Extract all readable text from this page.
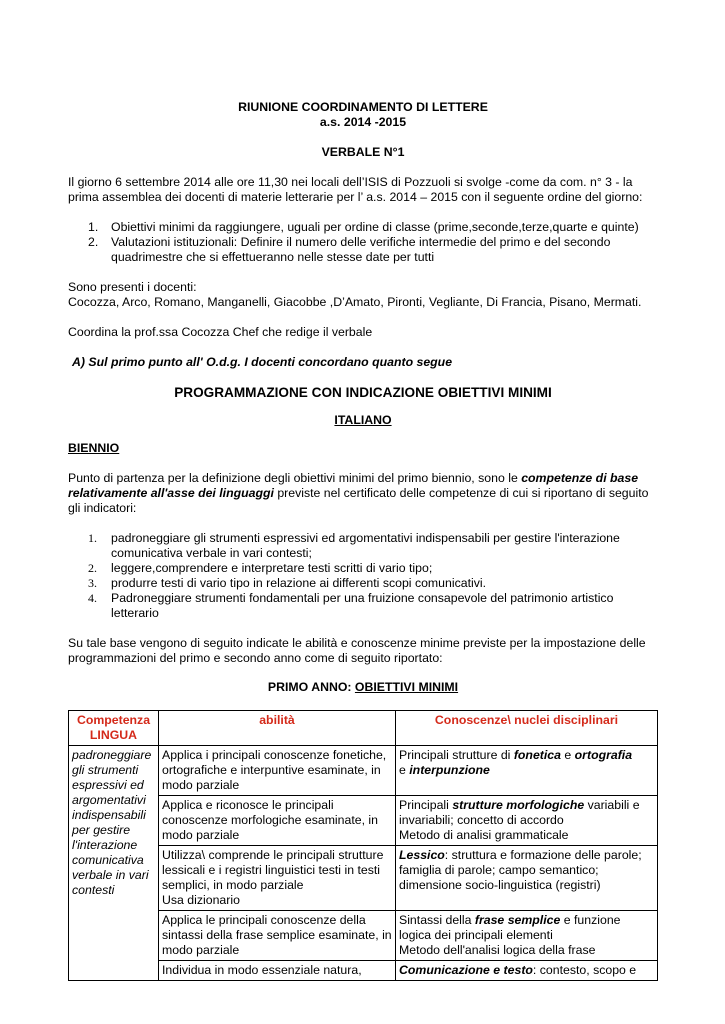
RIUNIONE COORDINAMENTO DI LETTERE

a.s. 2014 -2015

VERBALE N°1

Il giorno 6 settembre 2014 alle ore 11,30 nei locali dell’ISIS di Pozzuoli si svolge -come da com. n° 3 - la prima assemblea dei docenti di materie letterarie per l’ a.s. 2014 – 2015 con il seguente ordine del giorno:

1. Obiettivi minimi da raggiungere, uguali per ordine di classe (prime,seconde,terze,quarte e quinte)
2. Valutazioni istituzionali: Definire il numero delle verifiche intermedie del primo e del secondo quadrimestre che si effettueranno nelle stesse date per tutti

Sono presenti i docenti:

Cocozza, Arco, Romano, Manganelli, Giacobbe ,D’Amato, Pironti, Vegliante, Di Francia, Pisano, Mermati.

Coordina la prof.ssa Cocozza Chef che redige il verbale

A) Sul primo punto all' O.d.g. I docenti concordano quanto segue

PROGRAMMAZIONE CON INDICAZIONE OBIETTIVI MINIMI

ITALIANO

BIENNIO

Punto di partenza per la definizione degli obiettivi minimi del primo biennio, sono le competenze di base relativamente all'asse dei linguaggi previste nel certificato delle competenze di cui si riportano di seguito gli indicatori:

1. padroneggiare gli strumenti espressivi ed argomentativi indispensabili per gestire l'interazione comunicativa verbale in vari contesti;
2. leggere,comprendere e interpretare testi scritti di vario tipo;
3. produrre testi di vario tipo in relazione ai differenti scopi comunicativi.
4. Padroneggiare strumenti fondamentali per una fruizione consapevole del patrimonio artistico letterario

Su tale base vengono di seguito indicate le abilità e conoscenze minime previste per la impostazione delle programmazioni del primo e secondo anno come di seguito riportato:

PRIMO ANNO: OBIETTIVI MINIMI

Competenza LINGUA	abilità	Conoscenze\ nuclei disciplinari
padroneggiare gli strumenti espressivi ed argomentativi indispensabili per gestire l'interazione comunicativa verbale in vari contesti	Applica i principali conoscenze fonetiche, ortografiche e interpuntive esaminate, in modo parziale	Principali strutture di fonetica e ortografia
e interpunzione
	Applica e riconosce le principali conoscenze morfologiche esaminate, in modo parziale	Principali strutture morfologiche variabili e invariabili; concetto di accordo
Metodo di analisi grammaticale
	Utilizza\ comprende le principali strutture lessicali e i registri linguistici testi in testi semplici, in modo parziale
Usa dizionario	Lessico: struttura e formazione delle parole; famiglia di parole; campo semantico; dimensione socio-linguistica (registri)
	Applica le principali conoscenze della sintassi della frase semplice esaminate, in modo parziale	Sintassi della frase semplice e funzione logica dei principali elementi
Metodo dell'analisi logica della frase
	Individua in modo essenziale natura,	Comunicazione e testo: contesto, scopo e
